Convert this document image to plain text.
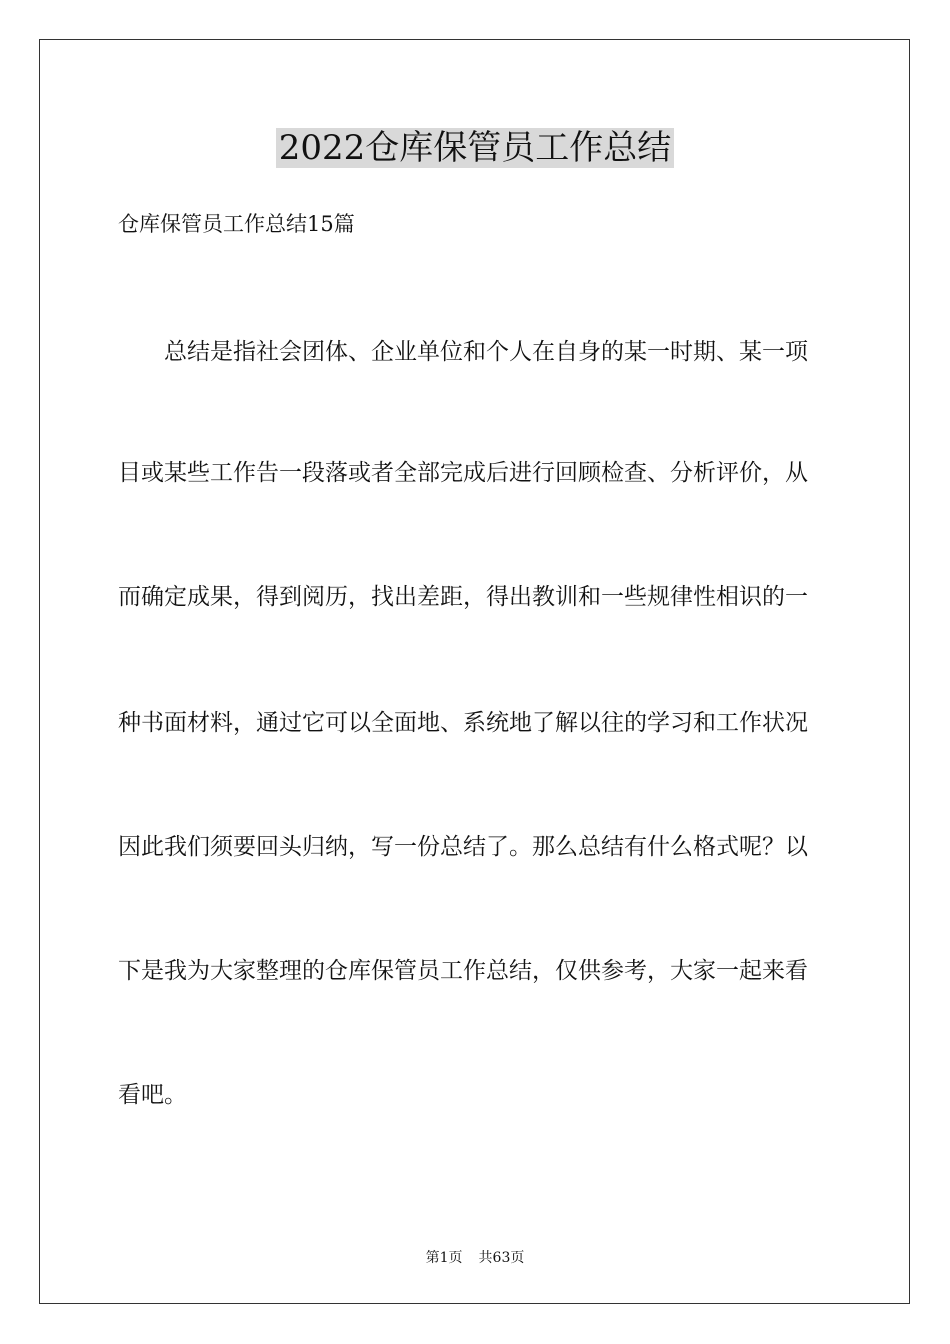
2022仓库保管员工作总结

仓库保管员工作总结15篇

　　总结是指社会团体、企业单位和个人在自身的某一时期、某一项

目或某些工作告一段落或者全部完成后进行回顾检查、分析评价，从

而确定成果，得到阅历，找出差距，得出教训和一些规律性相识的一

种书面材料，通过它可以全面地、系统地了解以往的学习和工作状况

因此我们须要回头归纳，写一份总结了。那么总结有什么格式呢？以

下是我为大家整理的仓库保管员工作总结，仅供参考，大家一起来看

看吧。

第1页 共63页
